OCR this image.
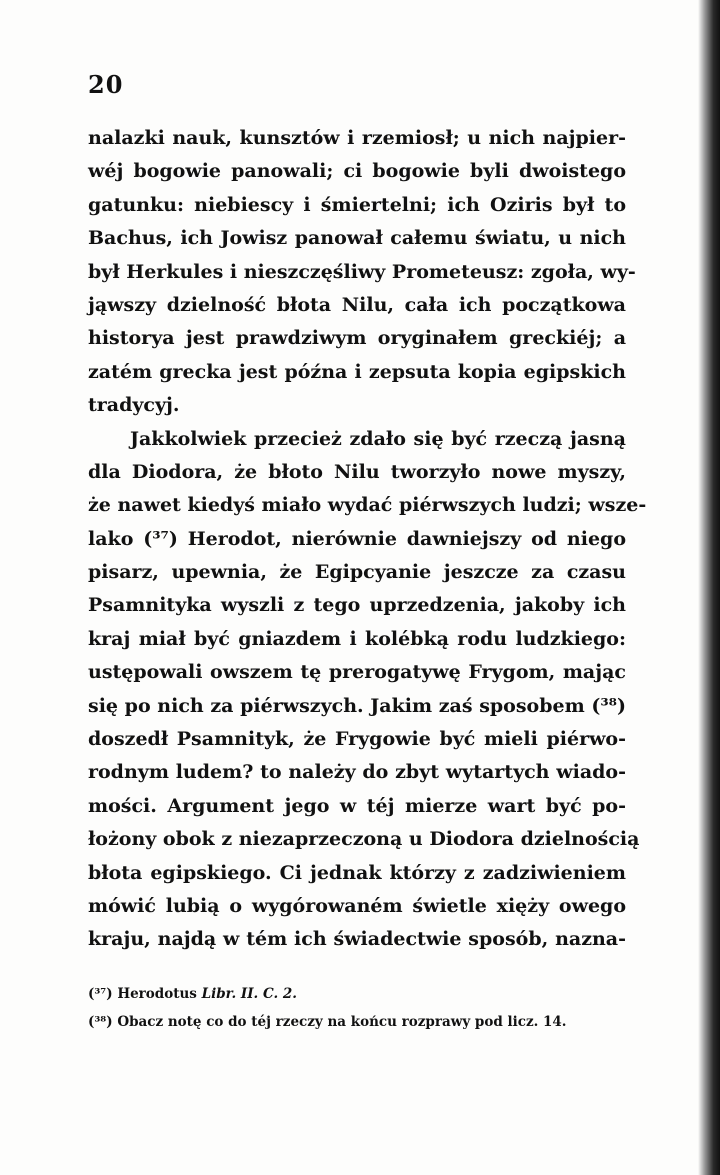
20
nalazki nauk, kunsztów i rzemiosł; u nich najpier-
wéj bogowie panowali; ci bogowie byli dwoistego
gatunku: niebiescy i śmiertelni; ich Oziris był to
Bachus, ich Jowisz panował całemu światu, u nich
był Herkules i nieszczęśliwy Prometeusz: zgoła, wy-
jąwszy dzielność błota Nilu, cała ich początkowa
historya jest prawdziwym oryginałem greckiéj; a
zatém grecka jest późna i zepsuta kopia egipskich
tradycyj.
Jakkolwiek przecież zdało się być rzeczą jasną
dla Diodora, że błoto Nilu tworzyło nowe myszy,
że nawet kiedyś miało wydać piérwszych ludzi; wsze-
lako (³⁷) Herodot, nierównie dawniejszy od niego
pisarz, upewnia, że Egipcyanie jeszcze za czasu
Psamnityka wyszli z tego uprzedzenia, jakoby ich
kraj miał być gniazdem i kolébką rodu ludzkiego:
ustępowali owszem tę prerogatywę Frygom, mając
się po nich za piérwszych. Jakim zaś sposobem (³⁸)
doszedł Psamnityk, że Frygowie być mieli piérwo-
rodnym ludem? to należy do zbyt wytartych wiado-
mości. Argument jego w téj mierze wart być po-
łożony obok z niezaprzeczoną u Diodora dzielnością
błota egipskiego. Ci jednak którzy z zadziwieniem
mówić lubią o wygórowaném świetle xięży owego
kraju, najdą w tém ich świadectwie sposób, nazna-
(³⁷) Herodotus Libr. II. C. 2.
(³⁸) Obacz notę co do téj rzeczy na końcu rozprawy pod licz. 14.
